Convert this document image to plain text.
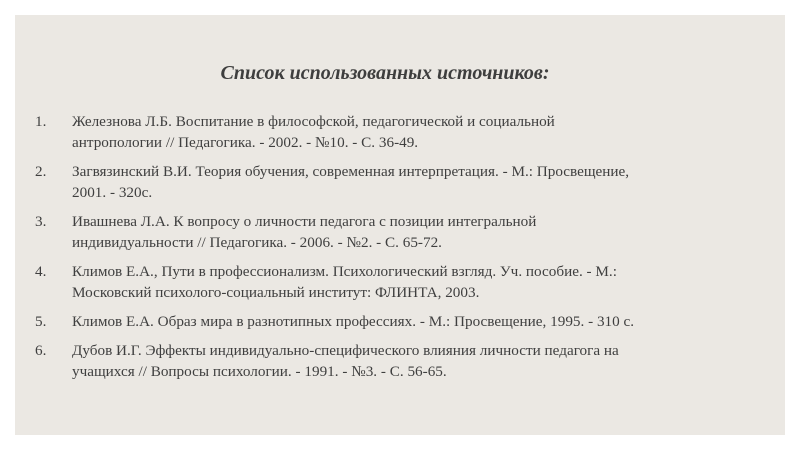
Список использованных источников:
1.	Железнова Л.Б. Воспитание в философской, педагогической и социальной
антропологии // Педагогика. - 2002. - №10. - С. 36-49.
2.	Загвязинский В.И. Теория обучения, современная интерпретация. - М.: Просвещение,
2001. - 320с.
3.	Ивашнева Л.А. К вопросу о личности педагога с позиции интегральной
индивидуальности // Педагогика. - 2006. - №2. - С. 65-72.
4.	Климов Е.А., Пути в профессионализм. Психологический взгляд. Уч. пособие. - М.:
Московский психолого-социальный институт: ФЛИНТА, 2003.
5.	Климов Е.А. Образ мира в разнотипных профессиях. - М.: Просвещение, 1995. - 310 с.
6.	Дубов И.Г. Эффекты индивидуально-специфического влияния личности педагога на
учащихся // Вопросы психологии. - 1991. - №3. - С. 56-65.
